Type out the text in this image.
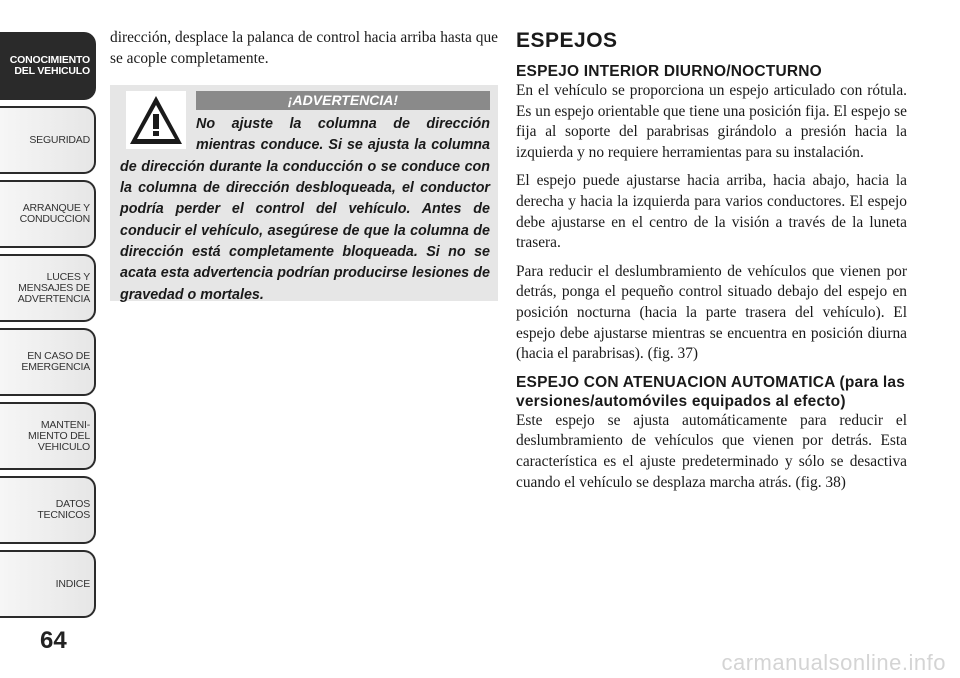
CONOCIMIENTO
DEL VEHICULO
SEGURIDAD
ARRANQUE Y
CONDUCCION
LUCES Y
MENSAJES DE
ADVERTENCIA
EN CASO DE
EMERGENCIA
MANTENI-
MIENTO DEL
VEHICULO
DATOS
TECNICOS
INDICE
64

dirección, desplace la palanca de control hacia arriba hasta que se acople completamente.

¡ADVERTENCIA!

No ajuste la columna de dirección mientras conduce. Si se ajusta la columna de dirección durante la conducción o se conduce con la columna de dirección desbloqueada, el conductor podría perder el control del vehículo. Antes de conducir el vehículo, asegúrese de que la columna de dirección está completamente bloqueada. Si no se acata esta advertencia podrían producirse lesiones de gravedad o mortales.

ESPEJOS
ESPEJO INTERIOR DIURNO/NOCTURNO

En el vehículo se proporciona un espejo articulado con rótula. Es un espejo orientable que tiene una posición fija. El espejo se fija al soporte del parabrisas girándolo a presión hacia la izquierda y no requiere herramientas para su instalación.

El espejo puede ajustarse hacia arriba, hacia abajo, hacia la derecha y hacia la izquierda para varios conductores. El espejo debe ajustarse en el centro de la visión a través de la luneta trasera.

Para reducir el deslumbramiento de vehículos que vienen por detrás, ponga el pequeño control situado debajo del espejo en posición nocturna (hacia la parte trasera del vehículo). El espejo debe ajustarse mientras se encuentra en posición diurna (hacia el parabrisas). (fig. 37)

ESPEJO CON ATENUACION AUTOMATICA (para las versiones/automóviles equipados al efecto)

Este espejo se ajusta automáticamente para reducir el deslumbramiento de vehículos que vienen por detrás. Esta característica es el ajuste predeterminado y sólo se desactiva cuando el vehículo se desplaza marcha atrás. (fig. 38)

carmanualsonline.info
